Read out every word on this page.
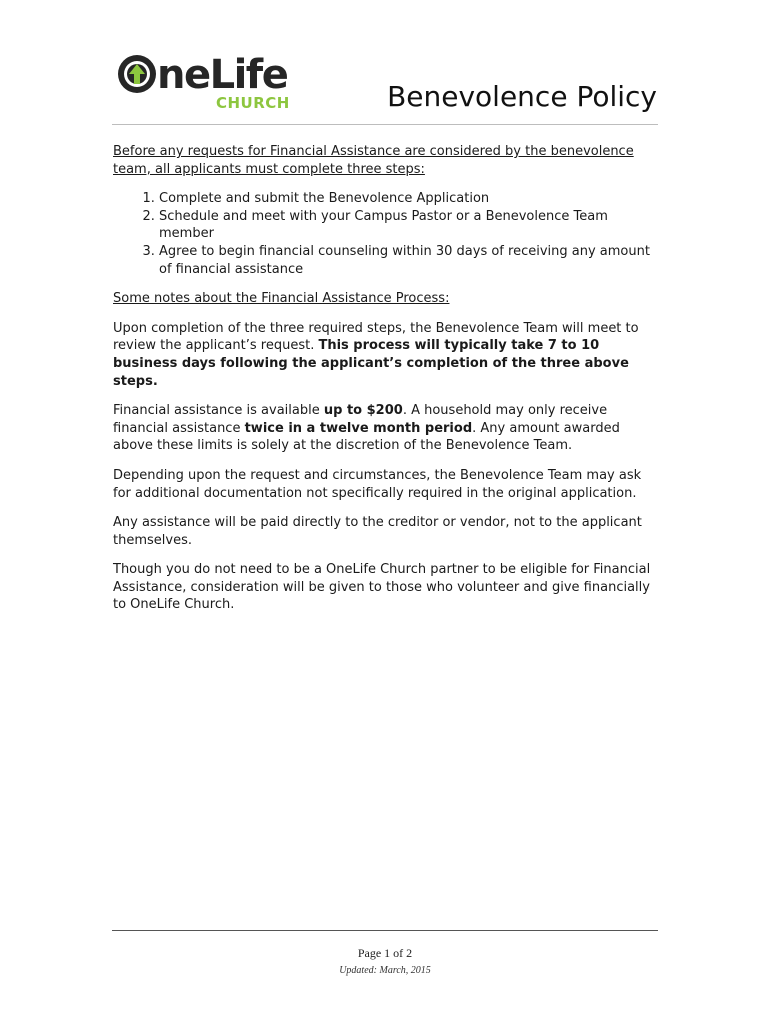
neLife
CHURCH	Benevolence Policy

Before any requests for Financial Assistance are considered by the benevolence team, all applicants must complete three steps:

1. Complete and submit the Benevolence Application
2. Schedule and meet with your Campus Pastor or a Benevolence Team member
3. Agree to begin financial counseling within 30 days of receiving any amount of financial assistance

Some notes about the Financial Assistance Process:

Upon completion of the three required steps, the Benevolence Team will meet to review the applicant’s request. This process will typically take 7 to 10 business days following the applicant’s completion of the three above steps.

Financial assistance is available up to $200. A household may only receive financial assistance twice in a twelve month period. Any amount awarded above these limits is solely at the discretion of the Benevolence Team.

Depending upon the request and circumstances, the Benevolence Team may ask for additional documentation not specifically required in the original application.

Any assistance will be paid directly to the creditor or vendor, not to the applicant themselves.

Though you do not need to be a OneLife Church partner to be eligible for Financial Assistance, consideration will be given to those who volunteer and give financially to OneLife Church.

Page 1 of 2
Updated: March, 2015
